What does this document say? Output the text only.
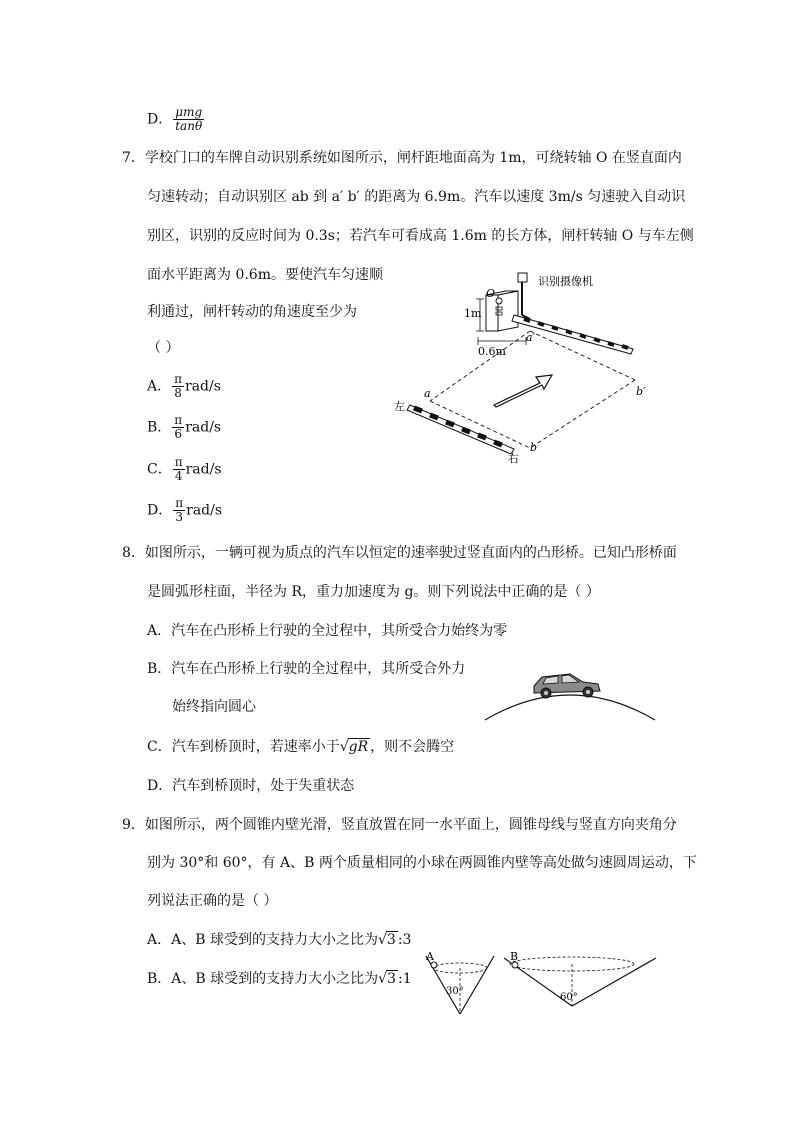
D． $\frac{\text{μmg}}{\tan\theta}$
7．学校门口的车牌自动识别系统如图所示，闸杆距地面高为 1m，可绕转轴 O 在竖直面内
匀速转动；自动识别区 ab 到 a′ b′ 的距离为 6.9m。汽车以速度 3m/s 匀速驶入自动识
别区，识别的反应时间为 0.3s；若汽车可看成高 1.6m 的长方体，闸杆转轴 O 与车左侧
面水平距离为 0.6m。要使汽车匀速顺
利通过，闸杆转动的角速度至少为
（ ）
A． $\frac{\pi}{8} rad/s$
B． $\frac{\pi}{6} rad/s$
C． $\frac{\pi}{4} rad/s$
D． $\frac{\pi}{3} rad/s$
识别摄像机
O
1m
0.6m
a′
a	b′
b
左
右
8．如图所示，一辆可视为质点的汽车以恒定的速率驶过竖直面内的凸形桥。已知凸形桥面
是圆弧形柱面，半径为 R，重力加速度为 g。则下列说法中正确的是（ ）
A．汽车在凸形桥上行驶的全过程中，其所受合力始终为零
B．汽车在凸形桥上行驶的全过程中，其所受合外力
始终指向圆心
C．汽车到桥顶时，若速率小于√gR ，则不会腾空
D．汽车到桥顶时，处于失重状态
9．如图所示，两个圆锥内壁光滑，竖直放置在同一水平面上，圆锥母线与竖直方向夹角分
别为 30°和 60°，有 A、B 两个质量相同的小球在两圆锥内壁等高处做匀速圆周运动，下
列说法正确的是（ ）
A．A、B 球受到的支持力大小之比为√3 :3
B．A、B 球受到的支持力大小之比为√3 :1
A
30°
B
60°
